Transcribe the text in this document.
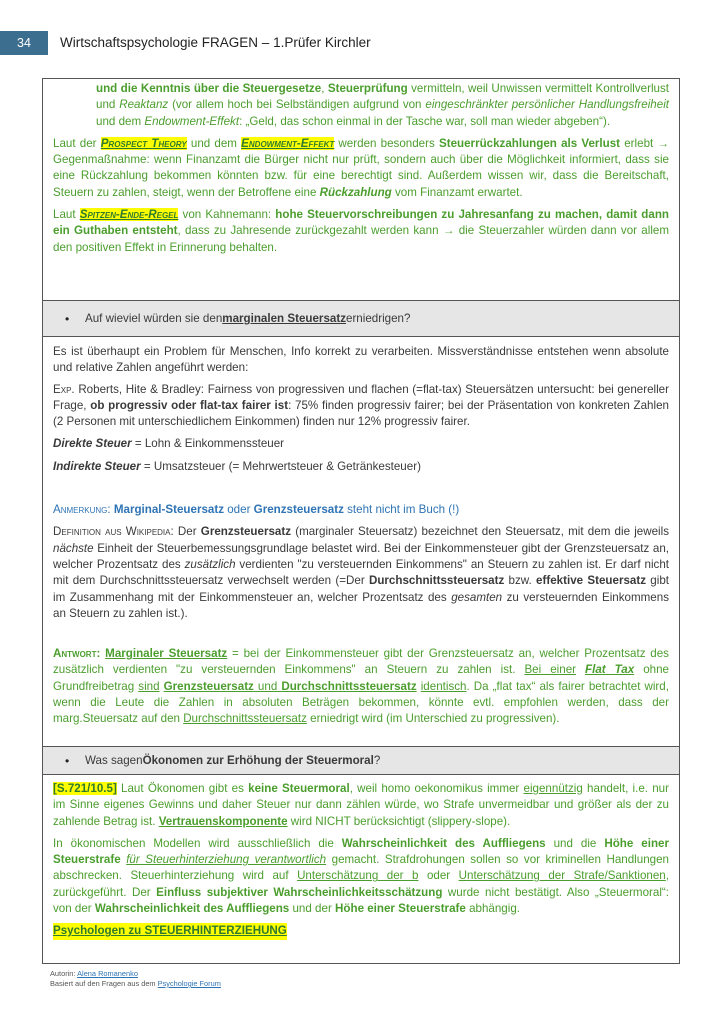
34	Wirtschaftspsychologie FRAGEN – 1.Prüfer Kirchler

und die Kenntnis über die Steuergesetze, Steuerprüfung vermitteln, weil Unwissen vermittelt Kontrollverlust und Reaktanz (vor allem hoch bei Selbständigen aufgrund von eingeschränkter persönlicher Handlungsfreiheit und dem Endowment-Effekt: „Geld, das schon einmal in der Tasche war, soll man wieder abgeben“).

Laut der Prospect Theory und dem Endowment-Effekt werden besonders Steuerrückzahlungen als Verlust erlebt → Gegenmaßnahme: wenn Finanzamt die Bürger nicht nur prüft, sondern auch über die Möglichkeit informiert, dass sie eine Rückzahlung bekommen könnten bzw. für eine berechtigt sind. Außerdem wissen wir, dass die Bereitschaft, Steuern zu zahlen, steigt, wenn der Betroffene eine Rückzahlung vom Finanzamt erwartet.

Laut Spitzen-Ende-Regel von Kahnemann: hohe Steuervorschreibungen zu Jahresanfang zu machen, damit dann ein Guthaben entsteht, dass zu Jahresende zurückgezahlt werden kann → die Steuerzahler würden dann vor allem den positiven Effekt in Erinnerung behalten.

•	Auf wieviel würden sie den marginalen Steuersatz erniedrigen?

Es ist überhaupt ein Problem für Menschen, Info korrekt zu verarbeiten. Missverständnisse entstehen wenn absolute und relative Zahlen angeführt werden:

Exp. Roberts, Hite & Bradley: Fairness von progressiven und flachen (=flat-tax) Steuersätzen untersucht: bei genereller Frage, ob progressiv oder flat-tax fairer ist: 75% finden progressiv fairer; bei der Präsentation von konkreten Zahlen (2 Personen mit unterschiedlichem Einkommen) finden nur 12% progressiv fairer.

Direkte Steuer = Lohn & Einkommenssteuer

Indirekte Steuer = Umsatzsteuer (= Mehrwertsteuer & Getränkesteuer)

Anmerkung: Marginal-Steuersatz oder Grenzsteuersatz steht nicht im Buch (!)

Definition aus Wikipedia: Der Grenzsteuersatz (marginaler Steuersatz) bezeichnet den Steuersatz, mit dem die jeweils nächste Einheit der Steuerbemessungsgrundlage belastet wird. Bei der Einkommensteuer gibt der Grenzsteuersatz an, welcher Prozentsatz des zusätzlich verdienten "zu versteuernden Einkommens" an Steuern zu zahlen ist. Er darf nicht mit dem Durchschnittssteuersatz verwechselt werden (=Der Durchschnittssteuersatz bzw. effektive Steuersatz gibt im Zusammenhang mit der Einkommensteuer an, welcher Prozentsatz des gesamten zu versteuernden Einkommens an Steuern zu zahlen ist.).

Antwort: Marginaler Steuersatz = bei der Einkommensteuer gibt der Grenzsteuersatz an, welcher Prozentsatz des zusätzlich verdienten "zu versteuernden Einkommens" an Steuern zu zahlen ist. Bei einer Flat Tax ohne Grundfreibetrag sind Grenzsteuersatz und Durchschnittssteuersatz identisch. Da „flat tax“ als fairer betrachtet wird, wenn die Leute die Zahlen in absoluten Beträgen bekommen, könnte evtl. empfohlen werden, dass der marg.Steuersatz auf den Durchschnittssteuersatz erniedrigt wird (im Unterschied zu progressiven).

•	Was sagen Ökonomen zur Erhöhung der Steuermoral ?

[S.721/10.5] Laut Ökonomen gibt es keine Steuermoral, weil homo oekonomikus immer eigennützig handelt, i.e. nur im Sinne eigenes Gewinns und daher Steuer nur dann zählen würde, wo Strafe unvermeidbar und größer als der zu zahlende Betrag ist. Vertrauenskomponente wird NICHT berücksichtigt (slippery-slope).

In ökonomischen Modellen wird ausschließlich die Wahrscheinlichkeit des Auffliegens und die Höhe einer Steuerstrafe für Steuerhinterziehung verantwortlich gemacht. Strafdrohungen sollen so vor kriminellen Handlungen abschrecken. Steuerhinterziehung wird auf Unterschätzung der b oder Unterschätzung der Strafe/Sanktionen, zurückgeführt. Der Einfluss subjektiver Wahrscheinlichkeitsschätzung wurde nicht bestätigt. Also „Steuermoral“: von der Wahrscheinlichkeit des Auffliegens und der Höhe einer Steuerstrafe abhängig.

Psychologen zu STEUERHINTERZIEHUNG

Autorin: Alena Romanenko
Basiert auf den Fragen aus dem Psychologie Forum
